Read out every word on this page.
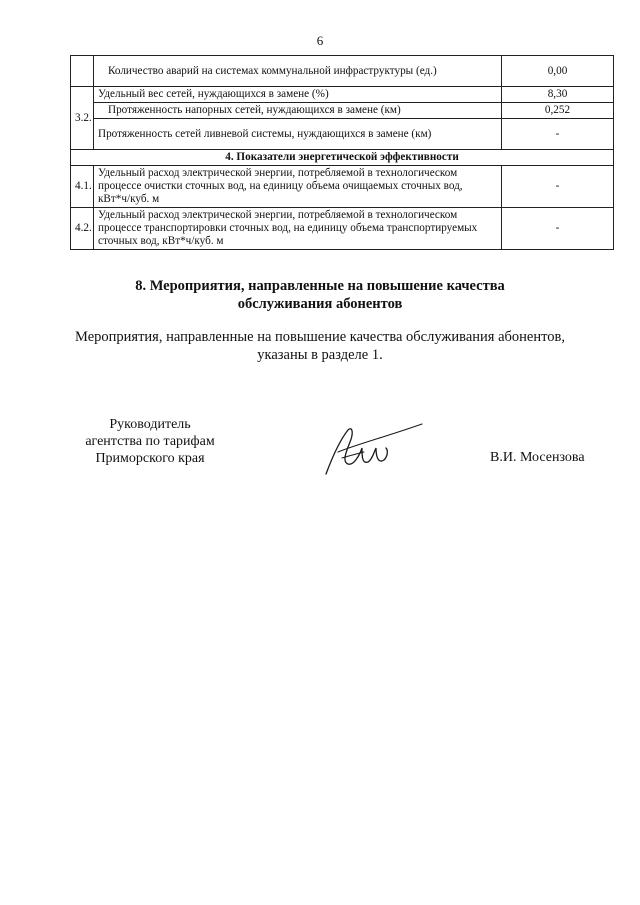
6
	Количество аварий на системах коммунальной инфраструктуры (ед.)	0,00
3.2.	Удельный вес сетей, нуждающихся в замене (%)	8,30
	Протяженность напорных сетей, нуждающихся в замене (км)	0,252
	Протяженность сетей ливневой системы, нуждающихся в замене (км)	-
4. Показатели энергетической эффективности		
4.1.	Удельный расход электрической энергии, потребляемой в технологическом процессе очистки сточных вод, на единицу объема очищаемых сточных вод, кВт*ч/куб. м	-
4.2.	Удельный расход электрической энергии, потребляемой в технологическом процессе транспортировки сточных вод, на единицу объема транспортируемых сточных вод, кВт*ч/куб. м	-
8. Мероприятия, направленные на повышение качества
обслуживания абонентов
Мероприятия, направленные на повышение качества обслуживания абонентов,
указаны в разделе 1.
Руководитель
агентства по тарифам
Приморского края	В.И. Мосензова
